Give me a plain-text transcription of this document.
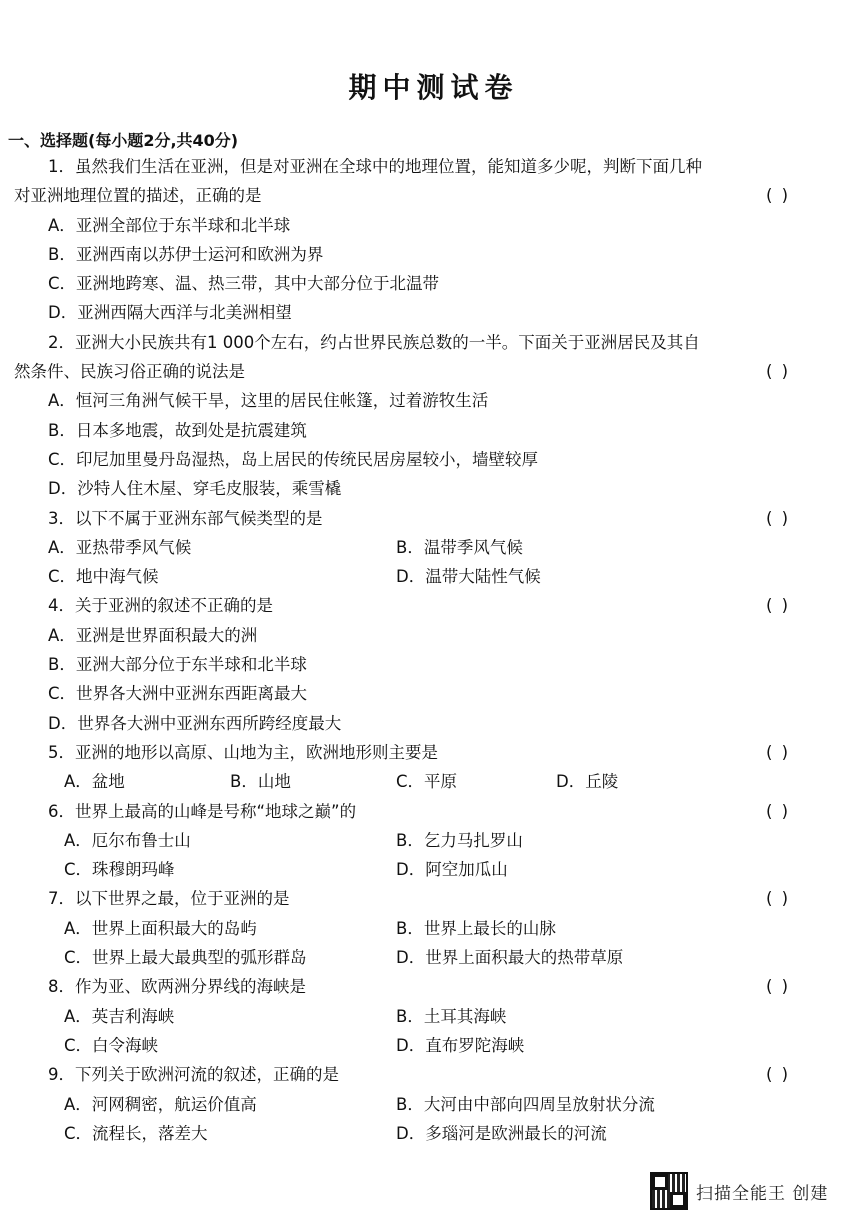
期中测试卷
一、选择题(每小题2分,共40分)
1．虽然我们生活在亚洲，但是对亚洲在全球中的地理位置，能知道多少呢，判断下面几种
对亚洲地理位置的描述，正确的是	( )
A．亚洲全部位于东半球和北半球
B．亚洲西南以苏伊士运河和欧洲为界
C．亚洲地跨寒、温、热三带，其中大部分位于北温带
D．亚洲西隔大西洋与北美洲相望
2．亚洲大小民族共有1 000个左右，约占世界民族总数的一半。下面关于亚洲居民及其自
然条件、民族习俗正确的说法是	( )
A．恒河三角洲气候干旱，这里的居民住帐篷，过着游牧生活
B．日本多地震，故到处是抗震建筑
C．印尼加里曼丹岛湿热，岛上居民的传统民居房屋较小，墙壁较厚
D．沙特人住木屋、穿毛皮服装，乘雪橇
3．以下不属于亚洲东部气候类型的是	( )
A．亚热带季风气候	B．温带季风气候
C．地中海气候	D．温带大陆性气候
4．关于亚洲的叙述不正确的是	( )
A．亚洲是世界面积最大的洲
B．亚洲大部分位于东半球和北半球
C．世界各大洲中亚洲东西距离最大
D．世界各大洲中亚洲东西所跨经度最大
5．亚洲的地形以高原、山地为主，欧洲地形则主要是	( )
A．盆地	B．山地	C．平原	D．丘陵
6．世界上最高的山峰是号称“地球之巅”的	( )
A．厄尔布鲁士山	B．乞力马扎罗山
C．珠穆朗玛峰	D．阿空加瓜山
7．以下世界之最，位于亚洲的是	( )
A．世界上面积最大的岛屿	B．世界上最长的山脉
C．世界上最大最典型的弧形群岛	D．世界上面积最大的热带草原
8．作为亚、欧两洲分界线的海峡是	( )
A．英吉利海峡	B．土耳其海峡
C．白令海峡	D．直布罗陀海峡
9．下列关于欧洲河流的叙述，正确的是	( )
A．河网稠密，航运价值高	B．大河由中部向四周呈放射状分流
C．流程长，落差大	D．多瑙河是欧洲最长的河流
扫描全能王 创建
